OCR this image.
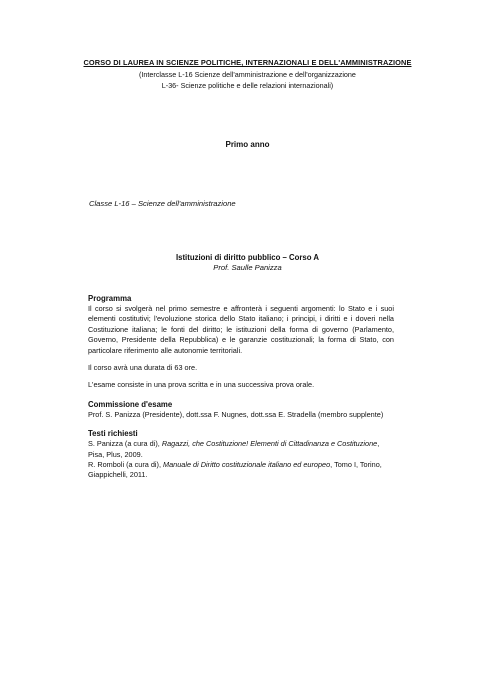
CORSO DI LAUREA IN SCIENZE POLITICHE, INTERNAZIONALI E DELL'AMMINISTRAZIONE
(Interclasse L-16 Scienze dell'amministrazione e dell'organizzazione
L-36- Scienze politiche e delle relazioni internazionali)
Primo anno
Classe L-16 – Scienze dell'amministrazione
Istituzioni di diritto pubblico – Corso A
Prof. Saulle Panizza
Programma
Il corso si svolgerà nel primo semestre e affronterà i seguenti argomenti: lo Stato e i suoi elementi costitutivi; l'evoluzione storica dello Stato italiano; i principi, i diritti e i doveri nella Costituzione italiana; le fonti del diritto; le istituzioni della forma di governo (Parlamento, Governo, Presidente della Repubblica) e le garanzie costituzionali; la forma di Stato, con particolare riferimento alle autonomie territoriali.
Il corso avrà una durata di 63 ore.
L'esame consiste in una prova scritta e in una successiva prova orale.
Commissione d'esame
Prof. S. Panizza (Presidente), dott.ssa F. Nugnes, dott.ssa E. Stradella (membro supplente)
Testi richiesti
S. Panizza (a cura di), Ragazzi, che Costituzione! Elementi di Cittadinanza e Costituzione, Pisa, Plus, 2009.
R. Romboli (a cura di), Manuale di Diritto costituzionale italiano ed europeo, Tomo I, Torino, Giappichelli, 2011.
